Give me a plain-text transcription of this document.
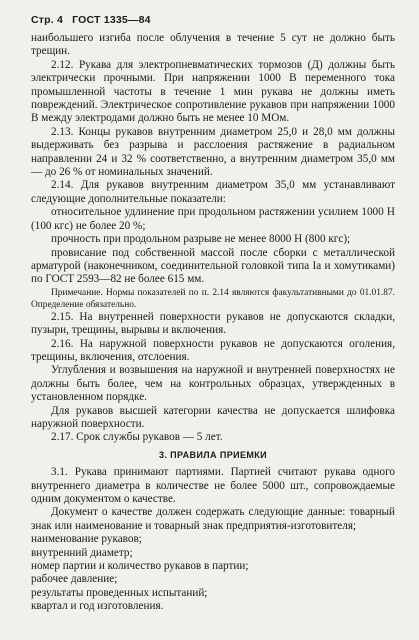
Стр. 4 ГОСТ 1335—84

наибольшего изгиба после облучения в течение 5 сут не должно быть трещин.

2.12. Рукава для электропневматических тормозов (Д) должны быть электрически прочными. При напряжении 1000 В переменного тока промышленной частоты в течение 1 мин рукава не должны иметь повреждений. Электрическое сопротивление рукавов при напряжении 1000 В между электродами должно быть не менее 10 МОм.

2.13. Концы рукавов внутренним диаметром 25,0 и 28,0 мм должны выдерживать без разрыва и расслоения растяжение в радиальном направлении 24 и 32 % соответственно, а внутренним диаметром 35,0 мм — до 26 % от номинальных значений.

2.14. Для рукавов внутренним диаметром 35,0 мм устанавливают следующие дополнительные показатели:

относительное удлинение при продольном растяжении усилием 1000 Н (100 кгс) не более 20 %;

прочность при продольном разрыве не менее 8000 Н (800 кгс);

провисание под собственной массой после сборки с металлической арматурой (наконечником, соединительной головкой типа Iа и хомутиками) по ГОСТ 2593—82 не более 615 мм.

Примечание. Нормы показателей по п. 2.14 являются факультативными до 01.01.87. Определение обязательно.

2.15. На внутренней поверхности рукавов не допускаются складки, пузыри, трещины, вырывы и включения.

2.16. На наружной поверхности рукавов не допускаются оголения, трещины, включения, отслоения.

Углубления и возвышения на наружной и внутренней поверхностях не должны быть более, чем на контрольных образцах, утвержденных в установленном порядке.

Для рукавов высшей категории качества не допускается шлифовка наружной поверхности.

2.17. Срок службы рукавов — 5 лет.

3. ПРАВИЛА ПРИЕМКИ

3.1. Рукава принимают партиями. Партией считают рукава одного внутреннего диаметра в количестве не более 5000 шт., сопровождаемые одним документом о качестве.

Документ о качестве должен содержать следующие данные: товарный знак или наименование и товарный знак предприятия-изготовителя;

наименование рукавов;

внутренний диаметр;

номер партии и количество рукавов в партии;

рабочее давление;

результаты проведенных испытаний;

квартал и год изготовления.
